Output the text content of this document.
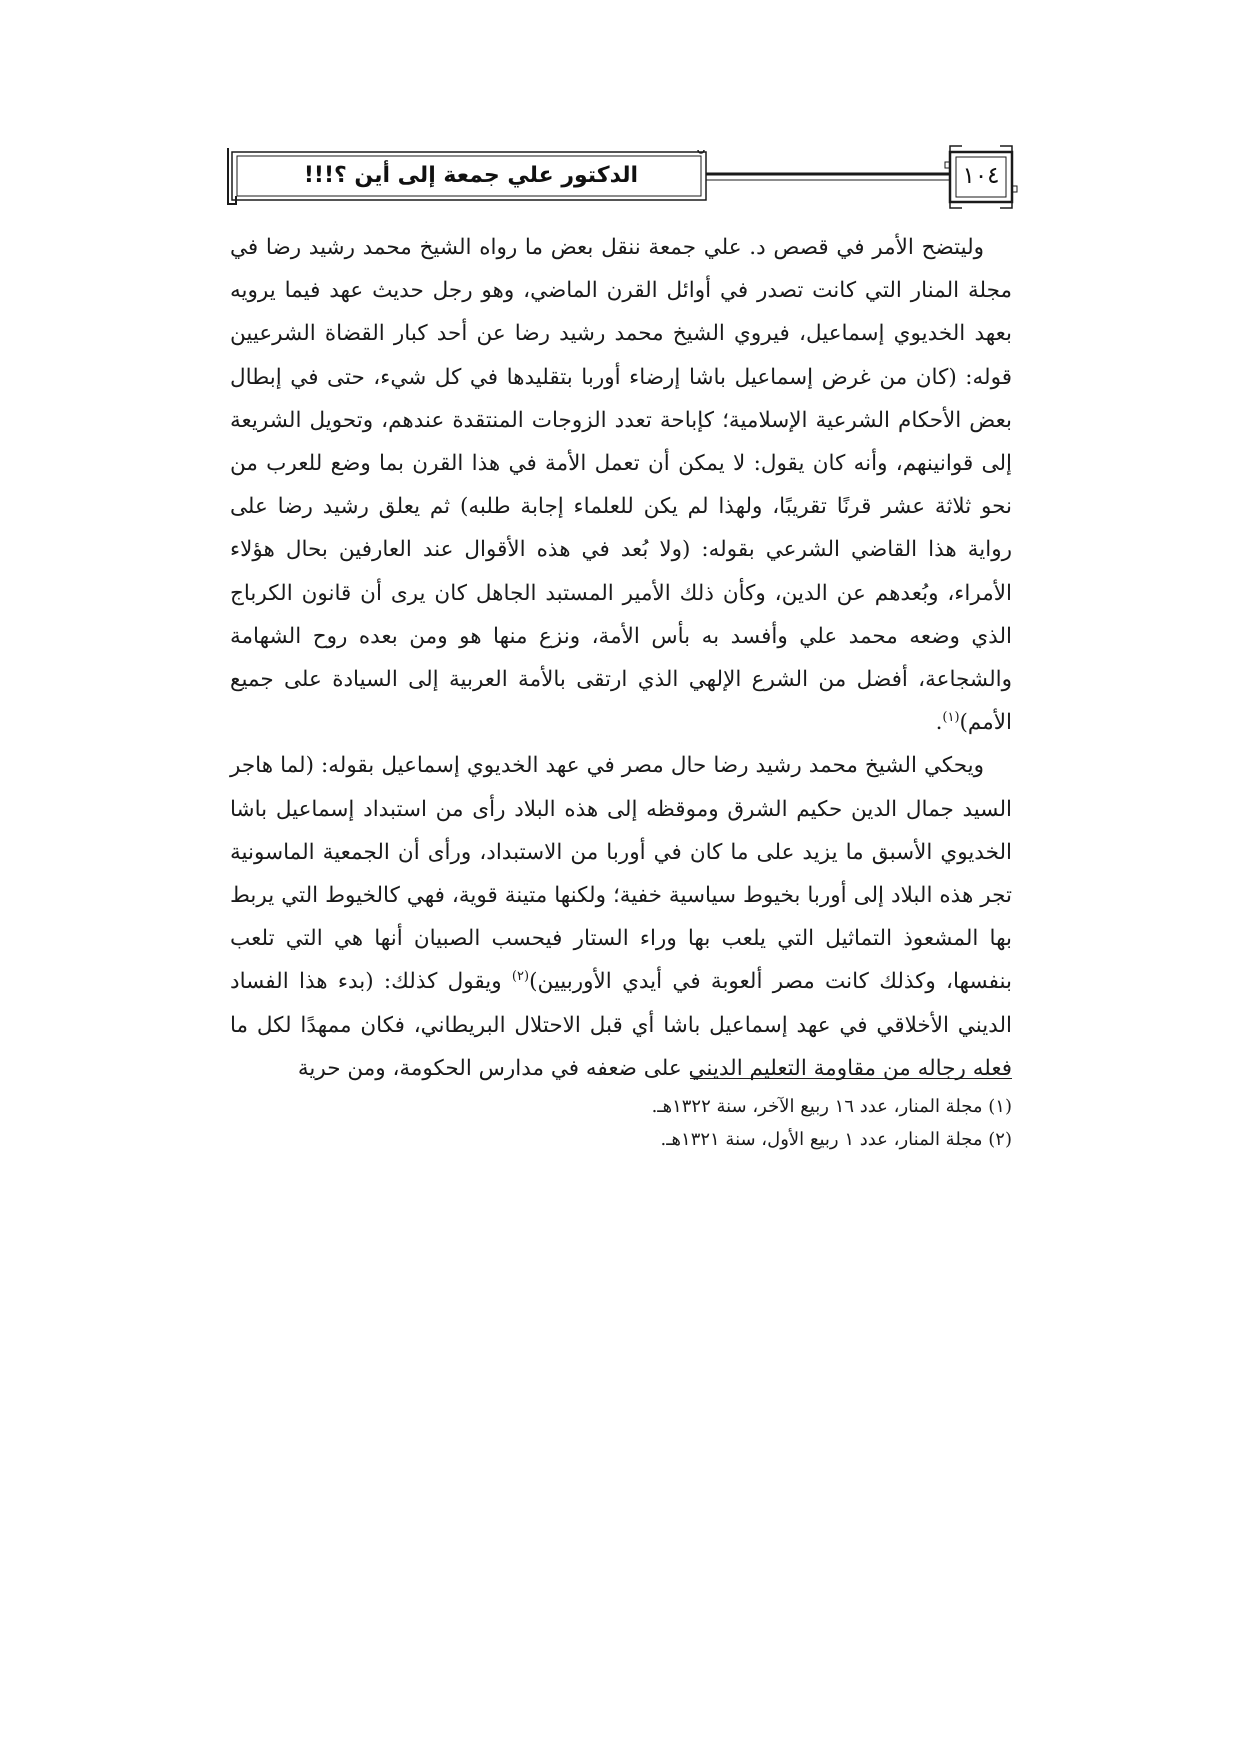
الدكتور علي جمعة إلى أين ؟!!!	١٠٤

وليتضح الأمر في قصص د. علي جمعة ننقل بعض ما رواه الشيخ محمد رشيد رضا في مجلة المنار التي كانت تصدر في أوائل القرن الماضي، وهو رجل حديث عهد فيما يرويه بعهد الخديوي إسماعيل، فيروي الشيخ محمد رشيد رضا عن أحد كبار القضاة الشرعيين قوله: (كان من غرض إسماعيل باشا إرضاء أوربا بتقليدها في كل شيء، حتى في إبطال بعض الأحكام الشرعية الإسلامية؛ كإباحة تعدد الزوجات المنتقدة عندهم، وتحويل الشريعة إلى قوانينهم، وأنه كان يقول: لا يمكن أن تعمل الأمة في هذا القرن بما وضع للعرب من نحو ثلاثة عشر قرنًا تقريبًا، ولهذا لم يكن للعلماء إجابة طلبه) ثم يعلق رشيد رضا على رواية هذا القاضي الشرعي بقوله: (ولا بُعد في هذه الأقوال عند العارفين بحال هؤلاء الأمراء، وبُعدهم عن الدين، وكأن ذلك الأمير المستبد الجاهل كان يرى أن قانون الكرباج الذي وضعه محمد علي وأفسد به بأس الأمة، ونزع منها هو ومن بعده روح الشهامة والشجاعة، أفضل من الشرع الإلهي الذي ارتقى بالأمة العربية إلى السيادة على جميع الأمم)$^{(١)}$.

ويحكي الشيخ محمد رشيد رضا حال مصر في عهد الخديوي إسماعيل بقوله: (لما هاجر السيد جمال الدين حكيم الشرق وموقظه إلى هذه البلاد رأى من استبداد إسماعيل باشا الخديوي الأسبق ما يزيد على ما كان في أوربا من الاستبداد، ورأى أن الجمعية الماسونية تجر هذه البلاد إلى أوربا بخيوط سياسية خفية؛ ولكنها متينة قوية، فهي كالخيوط التي يربط بها المشعوذ التماثيل التي يلعب بها وراء الستار فيحسب الصبيان أنها هي التي تلعب بنفسها، وكذلك كانت مصر ألعوبة في أيدي الأوربيين)$^{(٢)}$ ويقول كذلك: (بدء هذا الفساد الديني الأخلاقي في عهد إسماعيل باشا أي قبل الاحتلال البريطاني، فكان ممهدًا لكل ما فعله رجاله من مقاومة التعليم الديني على ضعفه في مدارس الحكومة، ومن حرية

(١) مجلة المنار، عدد ١٦ ربيع الآخر، سنة ١٣٢٢هـ.

(٢) مجلة المنار، عدد ١ ربيع الأول، سنة ١٣٢١هـ.
